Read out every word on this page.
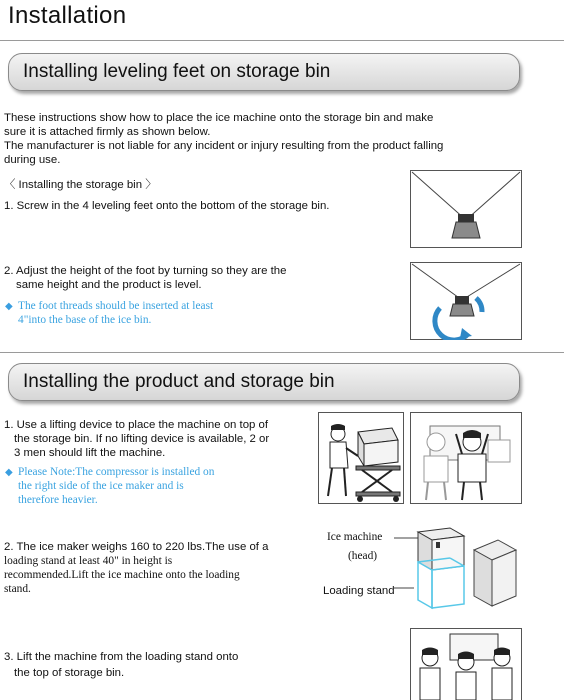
Installation
Installing leveling feet on storage bin
These instructions show how to place the ice machine onto the storage bin and make
sure it is attached firmly as shown below.
The manufacturer is not liable for any incident or injury resulting from the product falling
during use.
〈 Installing the storage bin 〉
1. Screw in the 4 leveling feet onto the bottom of the storage bin.
2. Adjust the height of the foot by turning so they are the
same height and the product is level.
◆ The foot threads should be inserted at least
4"into the base of the ice bin.
Installing the product and storage bin
1. Use a lifting device to place the machine on top of
the storage bin. If no lifting device is available, 2 or
3 men should lift the machine.
◆ Please Note:The compressor is installed on
the right side of the ice maker and is
therefore heavier.
2. The ice maker weighs 160 to 220 lbs.The use of a
loading stand at least 40" in height is
recommended.Lift the ice machine onto the loading
stand.
Ice machine
(head)
Loading stand
3. Lift the machine from the loading stand onto
the top of storage bin.
